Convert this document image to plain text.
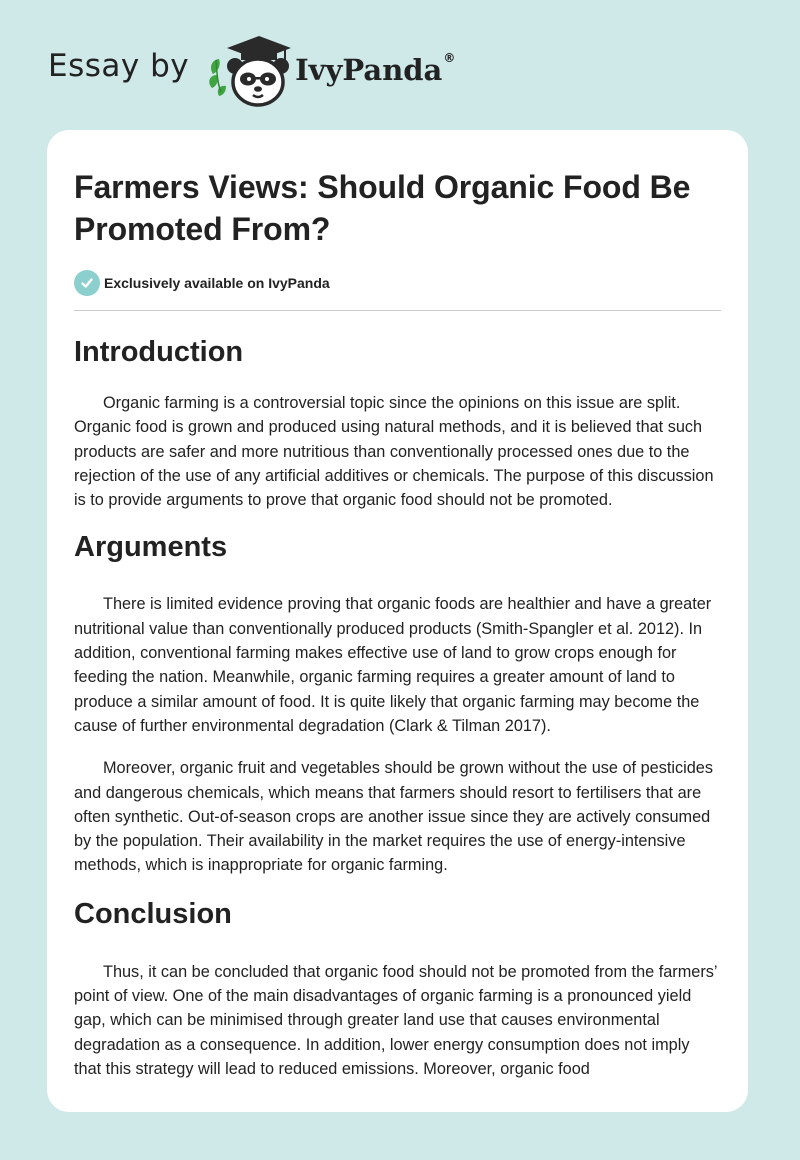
Essay by	IvyPanda®
Farmers Views: Should Organic Food Be Promoted From?
Exclusively available on IvyPanda
Introduction

Organic farming is a controversial topic since the opinions on this issue are split. Organic food is grown and produced using natural methods, and it is believed that such products are safer and more nutritious than conventionally processed ones due to the rejection of the use of any artificial additives or chemicals. The purpose of this discussion is to provide arguments to prove that organic food should not be promoted.

Arguments

There is limited evidence proving that organic foods are healthier and have a greater nutritional value than conventionally produced products (Smith-Spangler et al. 2012). In addition, conventional farming makes effective use of land to grow crops enough for feeding the nation. Meanwhile, organic farming requires a greater amount of land to produce a similar amount of food. It is quite likely that organic farming may become the cause of further environmental degradation (Clark & Tilman 2017).

Moreover, organic fruit and vegetables should be grown without the use of pesticides and dangerous chemicals, which means that farmers should resort to fertilisers that are often synthetic. Out-of-season crops are another issue since they are actively consumed by the population. Their availability in the market requires the use of energy-intensive methods, which is inappropriate for organic farming.

Conclusion

Thus, it can be concluded that organic food should not be promoted from the farmers’ point of view. One of the main disadvantages of organic farming is a pronounced yield gap, which can be minimised through greater land use that causes environmental degradation as a consequence. In addition, lower energy consumption does not imply that this strategy will lead to reduced emissions. Moreover, organic food
